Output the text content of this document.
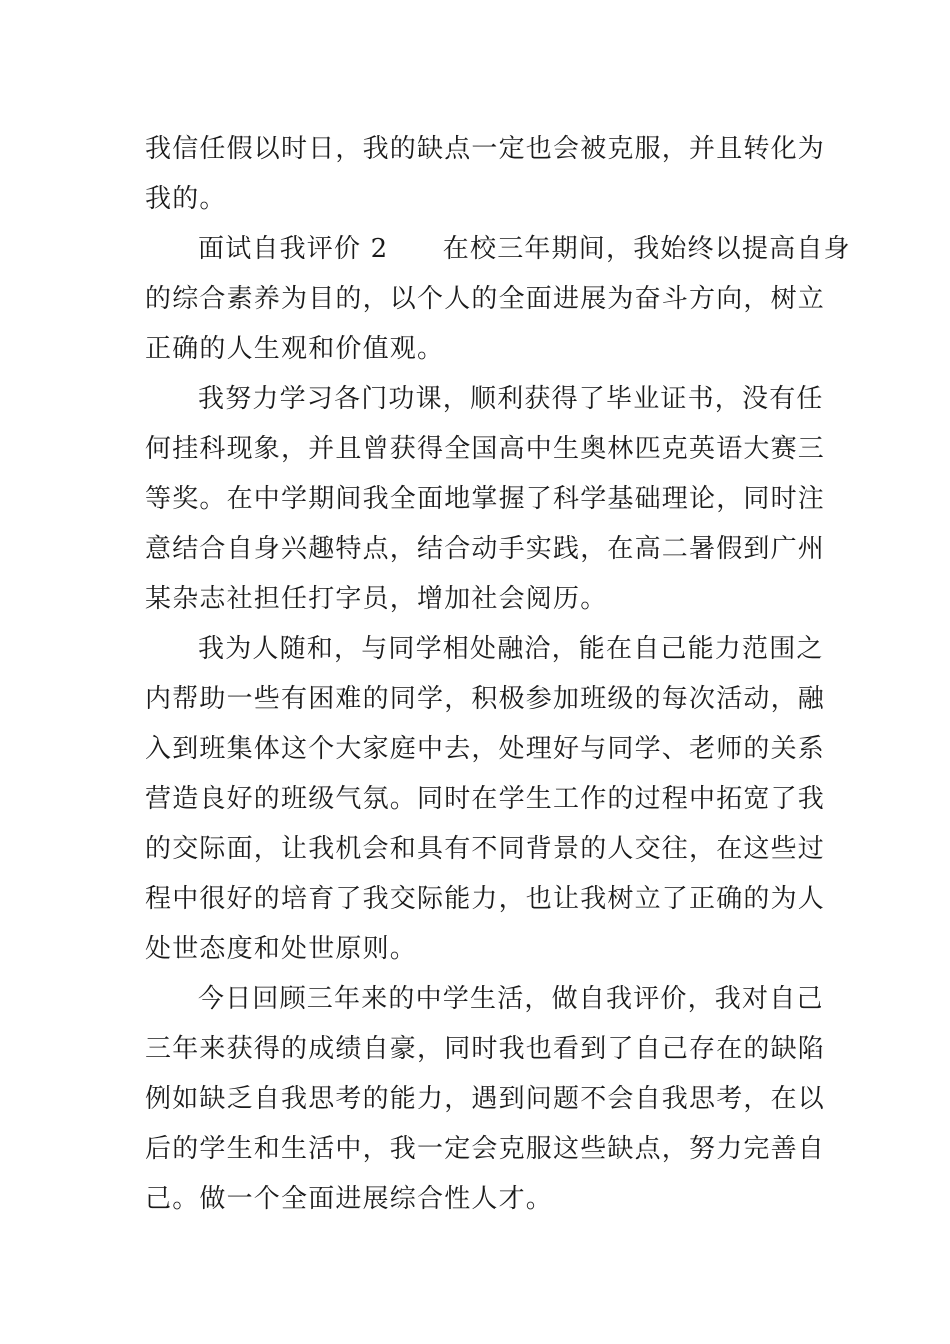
我信任假以时日，我的缺点一定也会被克服，并且转化为
我的。
面试自我评价 2　　在校三年期间，我始终以提高自身
的综合素养为目的，以个人的全面进展为奋斗方向，树立
正确的人生观和价值观。
我努力学习各门功课，顺利获得了毕业证书，没有任
何挂科现象，并且曾获得全国高中生奥林匹克英语大赛三
等奖。在中学期间我全面地掌握了科学基础理论，同时注
意结合自身兴趣特点，结合动手实践，在高二暑假到广州
某杂志社担任打字员，增加社会阅历。
我为人随和，与同学相处融洽，能在自己能力范围之
内帮助一些有困难的同学，积极参加班级的每次活动，融
入到班集体这个大家庭中去，处理好与同学、老师的关系
营造良好的班级气氛。同时在学生工作的过程中拓宽了我
的交际面，让我机会和具有不同背景的人交往，在这些过
程中很好的培育了我交际能力，也让我树立了正确的为人
处世态度和处世原则。
今日回顾三年来的中学生活，做自我评价，我对自己
三年来获得的成绩自豪，同时我也看到了自己存在的缺陷
例如缺乏自我思考的能力，遇到问题不会自我思考，在以
后的学生和生活中，我一定会克服这些缺点，努力完善自
己。做一个全面进展综合性人才。
